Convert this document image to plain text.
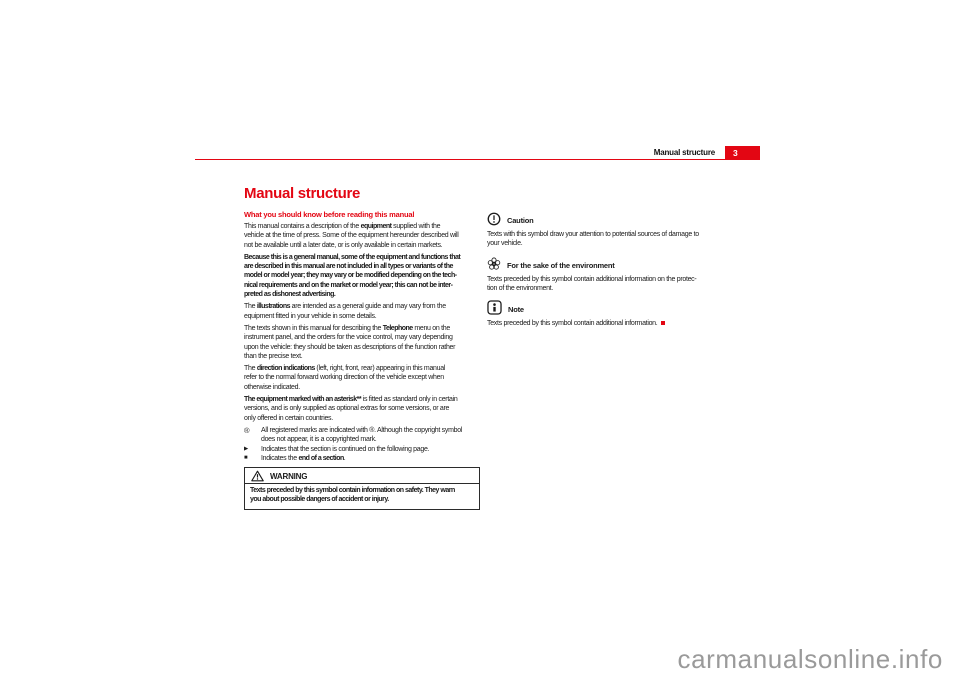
Manual structure	3
Manual structure
What you should know before reading this manual
This manual contains a description of the equipment supplied with the
vehicle at the time of press. Some of the equipment hereunder described will
not be available until a later date, or is only available in certain markets.
Because this is a general manual, some of the equipment and functions that
are described in this manual are not included in all types or variants of the
model or model year; they may vary or be modified depending on the tech-
nical requirements and on the market or model year; this can not be inter-
preted as dishonest advertising.
The illustrations are intended as a general guide and may vary from the
equipment fitted in your vehicle in some details.
The texts shown in this manual for describing the Telephone menu on the
instrument panel, and the orders for the voice control, may vary depending
upon the vehicle: they should be taken as descriptions of the function rather
than the precise text.
The direction indications (left, right, front, rear) appearing in this manual
refer to the normal forward working direction of the vehicle except when
otherwise indicated.
The equipment marked with an asterisk** is fitted as standard only in certain
versions, and is only supplied as optional extras for some versions, or are
only offered in certain countries.
®	All registered marks are indicated with ®. Although the copyright symbol
does not appear, it is a copyrighted mark.
▶	Indicates that the section is continued on the following page.
■	Indicates the end of a section.
WARNING
Texts preceded by this symbol contain information on safety. They warn
you about possible dangers of accident or injury.
Caution
Texts with this symbol draw your attention to potential sources of damage to
your vehicle.
For the sake of the environment
Texts preceded by this symbol contain additional information on the protec-
tion of the environment.
Note
Texts preceded by this symbol contain additional information.
carmanualsonline.info
